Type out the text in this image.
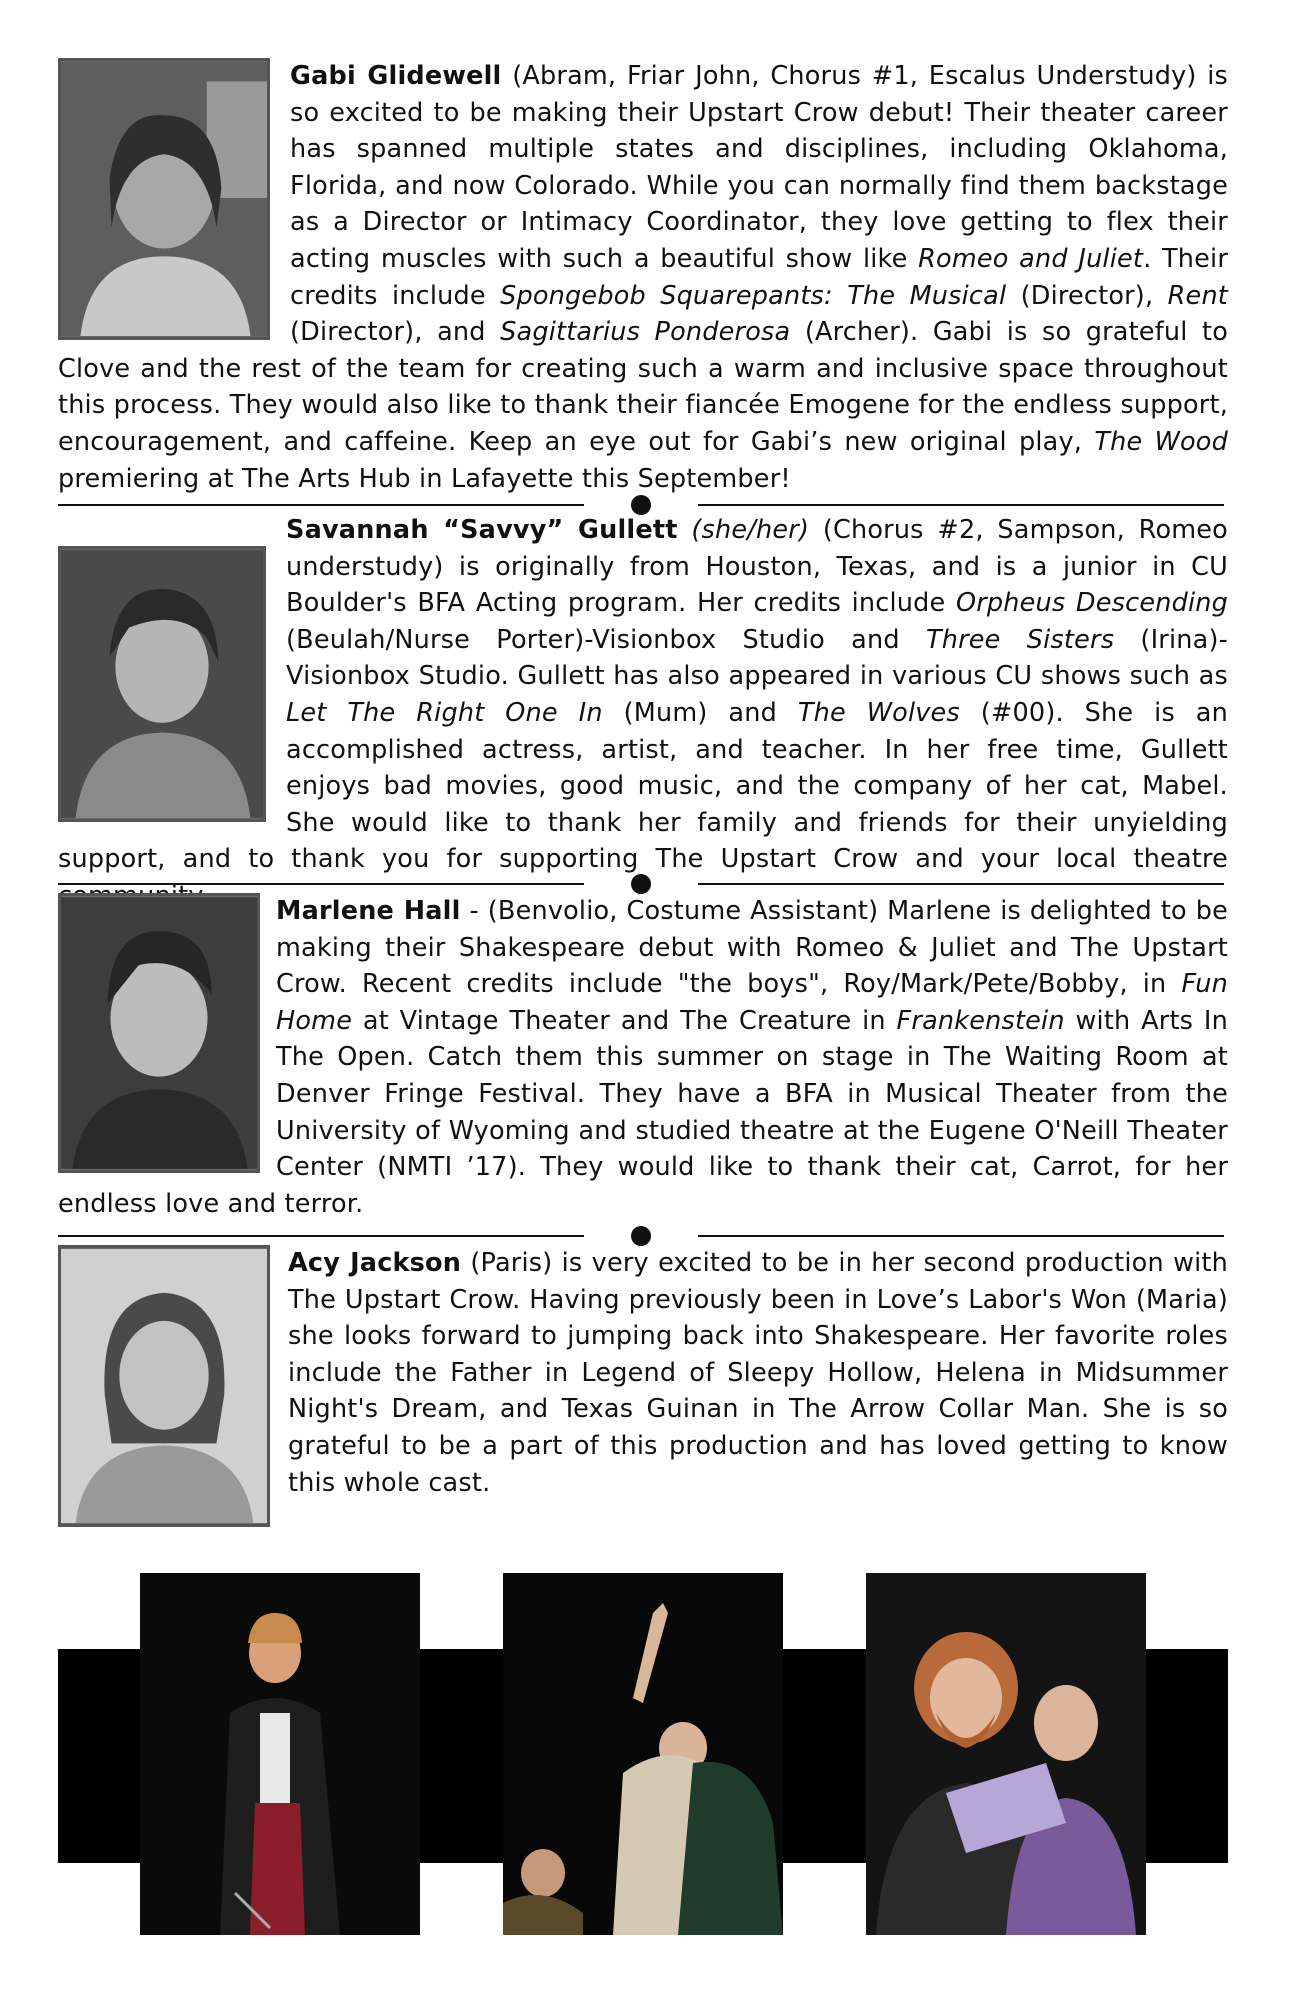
Gabi Glidewell (Abram, Friar John, Chorus #1, Escalus Understudy) is so excited to be making their Upstart Crow debut! Their theater career has spanned multiple states and disciplines, including Oklahoma, Florida, and now Colorado. While you can normally find them backstage as a Director or Intimacy Coordinator, they love getting to flex their acting muscles with such a beautiful show like Romeo and Juliet. Their credits include Spongebob Squarepants: The Musical (Director), Rent (Director), and Sagittarius Ponderosa (Archer). Gabi is so grateful to Clove and the rest of the team for creating such a warm and inclusive space throughout this process. They would also like to thank their fiancée Emogene for the endless support, encouragement, and caffeine. Keep an eye out for Gabi’s new original play, The Wood premiering at The Arts Hub in Lafayette this September!

Savannah “Savvy” Gullett (she/her) (Chorus #2, Sampson, Romeo understudy) is originally from Houston, Texas, and is a junior in CU Boulder's BFA Acting program. Her credits include Orpheus Descending (Beulah/Nurse Porter)-Visionbox Studio and Three Sisters (Irina)-Visionbox Studio. Gullett has also appeared in various CU shows such as Let The Right One In (Mum) and The Wolves (#00). She is an accomplished actress, artist, and teacher. In her free time, Gullett enjoys bad movies, good music, and the company of her cat, Mabel. She would like to thank her family and friends for their unyielding support, and to thank you for supporting The Upstart Crow and your local theatre

Marlene Hall - (Benvolio, Costume Assistant) Marlene is delighted to be making their Shakespeare debut with Romeo & Juliet and The Upstart Crow. Recent credits include "the boys", Roy/Mark/Pete/Bobby, in Fun Home at Vintage Theater and The Creature in Frankenstein with Arts In The Open. Catch them this summer on stage in The Waiting Room at Denver Fringe Festival. They have a BFA in Musical Theater from the University of Wyoming and studied theatre at the Eugene O'Neill Theater Center (NMTI ’17). They would like to thank their cat, Carrot, for her endless love and terror.

Acy Jackson (Paris) is very excited to be in her second production with The Upstart Crow. Having previously been in Love’s Labor's Won (Maria) she looks forward to jumping back into Shakespeare. Her favorite roles include the Father in Legend of Sleepy Hollow, Helena in Midsummer Night's Dream, and Texas Guinan in The Arrow Collar Man. She is so grateful to be a part of this production and has loved getting to know this whole cast.
